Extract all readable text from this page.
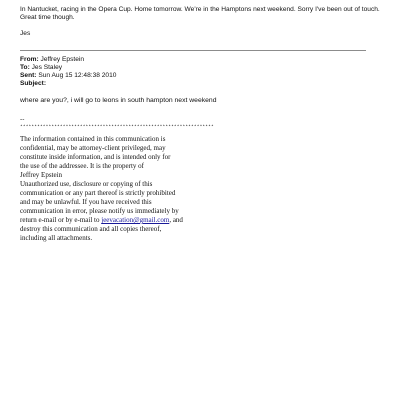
In Nantucket, racing in the Opera Cup. Home tomorrow. We're in the Hamptons next weekend. Sorry I've been out of touch.

Great time though.

Jes

From: Jeffrey Epstein
To: Jes Staley
Sent: Sun Aug 15 12:48:38 2010
Subject:

where are you?, i will go to leons in south hampton next weekend

--
********************************************************************
The information contained in this communication is
confidential, may be attorney-client privileged, may
constitute inside information, and is intended only for
the use of the addressee. It is the property of
Jeffrey Epstein
Unauthorized use, disclosure or copying of this
communication or any part thereof is strictly prohibited
and may be unlawful. If you have received this
communication in error, please notify us immediately by
return e-mail or by e-mail to jeevacation@gmail.com, and
destroy this communication and all copies thereof,
including all attachments.
